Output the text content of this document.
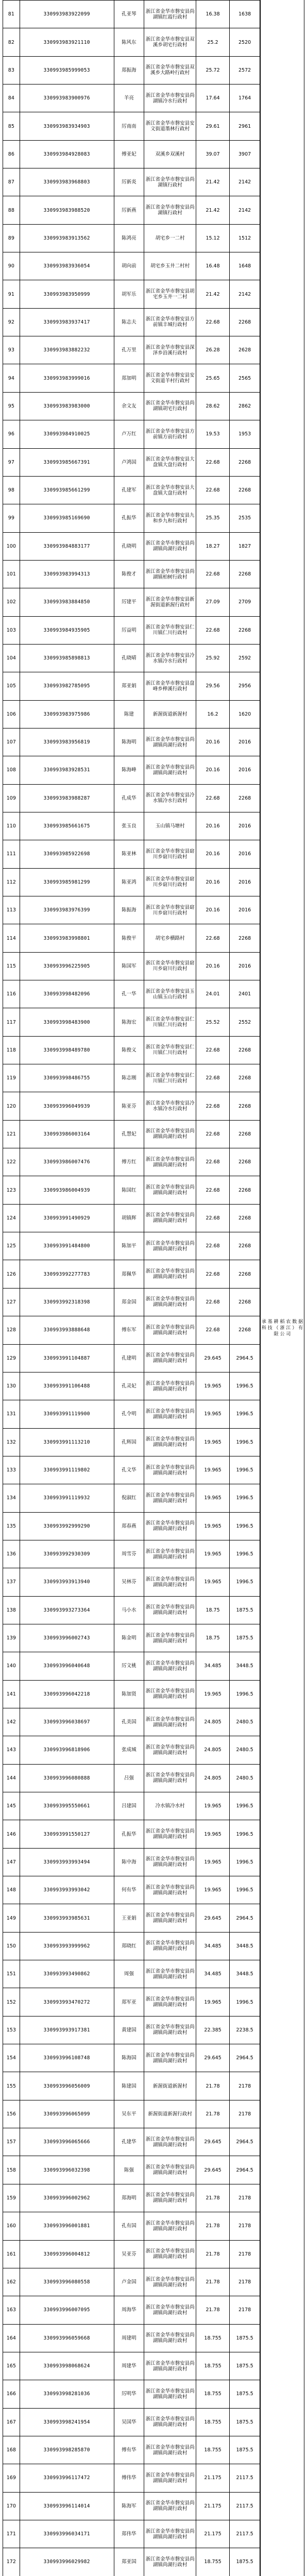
81	330993983922099	孔亚琴	浙江省金华市磐安县尚湖镇红霞行政村	16.38	1638
82	330993983921110	陈风东	浙江省金华市磐安县双溪乡胡宅行政村	25.2	2520
83	330993985999053	郑振海	浙江省金华市磐安县双溪乡大路岭行政村	25.72	2572
84	330993983900976	羊亮	浙江省金华市磐安县尚湖镇冷水行政村	17.64	1764
85	330993983934903	厉南南	浙江省金华市磐安县安文街道墨林行政村	29.61	2961
86	330993984928083	傅亚妃	双溪乡双溪村	39.07	3907
87	330993983968803	厉新炎	浙江省金华市磐安县尚湖镇行政村	21.42	2142
88	330993983988520	厉新燕	浙江省金华市磐安县尚湖镇行政村	21.42	2142
89	330993983913562	陈鸿亮	胡宅乡一二村	15.12	1512
90	330993983936054	胡向前	胡宅乡玉井二村村	16.48	1648
91	330993983950999	胡军乐	浙江省金华市磐安县胡宅乡玉井一二村	21.42	2142
92	330993983937417	陈志夫	浙江省金华市磐安县方前镇丰城行政村	22.68	2268
93	330993983882232	孔万里	浙江省金华市磐安县深泽乡沿溪行政村	26.28	2628
94	330993983999016	郑加明	浙江省金华市磐安县安文街道羊村行政村	25.65	2565
95	330993983983000	余文友	浙江省金华市磐安县尚湖镇胡宅行政村	28.62	2862
96	330993984910025	卢万红	浙江省金华市磐安县方前镇方前行政村	19.53	1953
97	330993985667391	卢鸿国	浙江省金华市磐安县大盘镇大盘行政村	22.68	2268
98	330993985661299	孔建军	浙江省金华市磐安县大盘镇大盘行政村	22.68	2268
99	330993985169690	孔振华	浙江省金华市磐安县九和乡九和行政村	25.35	2535
100	330993984883177	孔晓明	浙江省金华市磐安县尚湖镇尚湖行政村	18.27	1827
101	330993983994313	陈俊才	浙江省金华市磐安县尚湖镇柏树行政村	22.68	2268
102	330993983884850	厉建平	浙江省金华市磐安县新渥街道新渥行政村	27.09	2709
103	330993984935905	厉益明	浙江省金华市磐安县仁川镇仁川行政村	22.68	2268
104	330993985898813	孔晓晴	浙江省金华市磐安县冷水镇冷水行政村	25.92	2592
105	330993982785095	郑亚娟	浙江省金华市磐安县盘峰乡榉溪行政村	29.56	2956
106	330993983975986	陈建	新渥街道新渥村	16.2	1620
107	330993983956819	陈海明	浙江省金华市磐安县尚湖镇尚湖行政村	20.16	2016
108	330993983928531	陈海峰	浙江省金华市磐安县尚湖镇尚湖行政村	20.16	2016
109	330993983988287	孔成华	浙江省金华市磐安县冷水镇冷水行政村	22.68	2268
110	330993985661675	张玉良	玉山镇马塘村	20.16	2016
111	330993985922698	陈亚林	浙江省金华市磐安县窈川乡窈川行政村	20.16	2016
112	330993985981299	陈亚鸿	浙江省金华市磐安县窈川乡窈川行政村	20.16	2016
113	330993983976399	陈振海	浙江省金华市磐安县窈川乡窈川行政村	20.16	2016
114	330993983998801	陈俊平	胡宅乡横路村	22.68	2268
115	330993996225905	陈国军	浙江省金华市磐安县窈川乡窈川行政村	20.16	2016
116	330993998482096	孔一华	浙江省金华市磐安县玉山镇玉山行政村	24.01	2401
117	330993998483900	陈海宏	浙江省金华市磐安县仁川镇仁川行政村	25.52	2552
118	330993998489780	陈俊义	浙江省金华市磐安县仁川镇仁川行政村	22.68	2268
119	330993998486755	陈志刚	浙江省金华市磐安县仁川镇仁川行政村	22.68	2268
120	330993996049939	陈亚芬	浙江省金华市磐安县冷水镇冷水行政村	22.68	2268
121	330993986003164	孔慧妃	浙江省金华市磐安县尚湖镇尚湖行政村	22.68	2268
122	330993986007476	傅方红	浙江省金华市磐安县尚湖镇尚湖行政村	22.68	2268
123	330993986004939	陈国红	浙江省金华市磐安县尚湖镇尚湖行政村	22.68	2268
124	330993991490929	胡镇辉	浙江省金华市磐安县尚湖镇尚湖行政村	22.68	2268
125	330993991484800	陈加平	浙江省金华市磐安县尚湖镇尚湖行政村	22.68	2268
126	330993992277783	郑佩华	浙江省金华市磐安县尚湖镇尚湖行政村	22.68	2268
127	330993992318398	郑金国	浙江省金华市磐安县尚湖镇尚湖行政村	22.68	2268
128	330993993888648	傅东军	浙江省金华市磐安县尚湖镇尚湖行政村	22.68	2268
129	330993991104887	孔建明	浙江省金华市磐安县尚湖镇尚湖行政村	29.645	2964.5
130	330993991106488	孔灵妃	浙江省金华市磐安县尚湖镇尚湖行政村	19.965	1996.5
131	330993991119900	孔令明	浙江省金华市磐安县尚湖镇尚湖行政村	19.965	1996.5
132	330993991113210	孔辉国	浙江省金华市磐安县尚湖镇尚湖行政村	19.965	1996.5
133	330993991119802	孔文华	浙江省金华市磐安县尚湖镇尚湖行政村	19.965	1996.5
134	330993991119932	倪淑红	浙江省金华市磐安县尚湖镇尚湖行政村	19.965	1996.5
135	330993992999290	郑春燕	浙江省金华市磐安县尚湖镇尚湖行政村	19.965	1996.5
136	330993992930309	周雪芬	浙江省金华市磐安县尚湖镇尚湖行政村	19.965	1996.5
137	330993993913940	吴林芬	浙江省金华市磐安县尚湖镇尚湖行政村	19.965	1996.5
138	330993993273364	马小水	浙江省金华市磐安县尚湖镇尚湖行政村	18.75	1875.5
139	330993996002743	陈金明	浙江省金华市磐安县尚湖镇尚湖行政村	18.75	1875.5
140	330993996040648	厉文桃	浙江省金华市磐安县尚湖镇尚湖行政村	34.485	3448.5
141	330993996042218	陈加贤	浙江省金华市磐安县尚湖镇尚湖行政村	19.965	1996.5
142	330993996038697	孔美国	浙江省金华市磐安县尚湖镇尚湖行政村	24.805	2480.5
143	330993996818906	张成城	浙江省金华市磐安县尚湖镇尚湖行政村	24.805	2480.5
144	330993996080888	吕强	浙江省金华市磐安县尚湖镇尚湖行政村	24.805	2480.5
145	330993995550661	吕建国	冷水镇冷水村	19.965	1996.5
146	330993991550127	孔振华	浙江省金华市磐安县尚湖镇尚湖行政村	19.965	1996.5
147	330993993993494	陈中海	浙江省金华市磐安县尚湖镇尚湖行政村	19.965	1996.5
148	330993993993042	何有华	浙江省金华市磐安县尚湖镇尚湖行政村	19.965	1996.5
149	330993993985631	王亚娟	浙江省金华市磐安县尚湖镇尚湖行政村	29.645	2964.5
150	330993993999962	郑晓红	浙江省金华市磐安县尚湖镇尚湖行政村	34.485	3448.5
151	330993993490862	周强	浙江省金华市磐安县尚湖镇尚湖行政村	34.485	3448.5
152	330993993470272	郑军亚	浙江省金华市磐安县尚湖镇尚湖行政村	19.965	1996.5
153	330993993917381	黄建国	浙江省金华市磐安县尚湖镇尚湖行政村	22.385	2238.5
154	330993996108748	陈海国	浙江省金华市磐安县尚湖镇尚湖行政村	29.645	2964.5
155	330993996056009	陈建国	新渥街道新渥村	21.78	2178
156	330993996065099	吴东平	新渥街道新渥行政村	21.78	2178
157	330993996065666	孔建华	浙江省金华市磐安县尚湖镇尚湖行政村	29.645	2964.5
158	330993996032398	陈强	浙江省金华市磐安县尚湖镇尚湖行政村	29.645	2964.5
159	330993996002962	郑海明	浙江省金华市磐安县尚湖镇尚湖行政村	21.78	2178
160	330993996001881	孔有国	浙江省金华市磐安县尚湖镇尚湖行政村	21.78	2178
161	330993996004812	吴亚芬	浙江省金华市磐安县尚湖镇尚湖行政村	21.78	2178
162	330993996080558	卢金国	浙江省金华市磐安县尚湖镇尚湖行政村	21.78	2178
163	330993996007095	周海华	浙江省金华市磐安县尚湖镇尚湖行政村	21.78	2178
164	330993996059668	周建明	浙江省金华市磐安县尚湖镇尚湖行政村	18.755	1875.5
165	330993998068624	周建华	浙江省金华市磐安县尚湖镇尚湖行政村	18.755	1875.5
166	330993998281036	厉明华	浙江省金华市磐安县尚湖镇尚湖行政村	18.755	1875.5
167	330993998241954	吴国华	浙江省金华市磐安县尚湖镇尚湖行政村	18.755	1875.5
168	330993998285870	傅有华	浙江省金华市磐安县尚湖镇尚湖行政村	18.755	1875.5
169	330993996117472	傅伟华	浙江省金华市磐安县尚湖镇尚湖行政村	21.175	2117.5
170	330993996114014	陈海军	浙江省金华市磐安县尚湖镇尚湖行政村	21.175	2117.5
171	330993996034171	郑伟华	浙江省金华市磐安县尚湖镇尚湖行政村	21.175	2117.5
172	330993996029982	郑亚国	浙江省金华市磐安县尚湖镇尚湖行政村	18.755	1875.5

承 基 耕 稻 农 数 据 科 技 （ 浙 江 ） 有 限 公 司
